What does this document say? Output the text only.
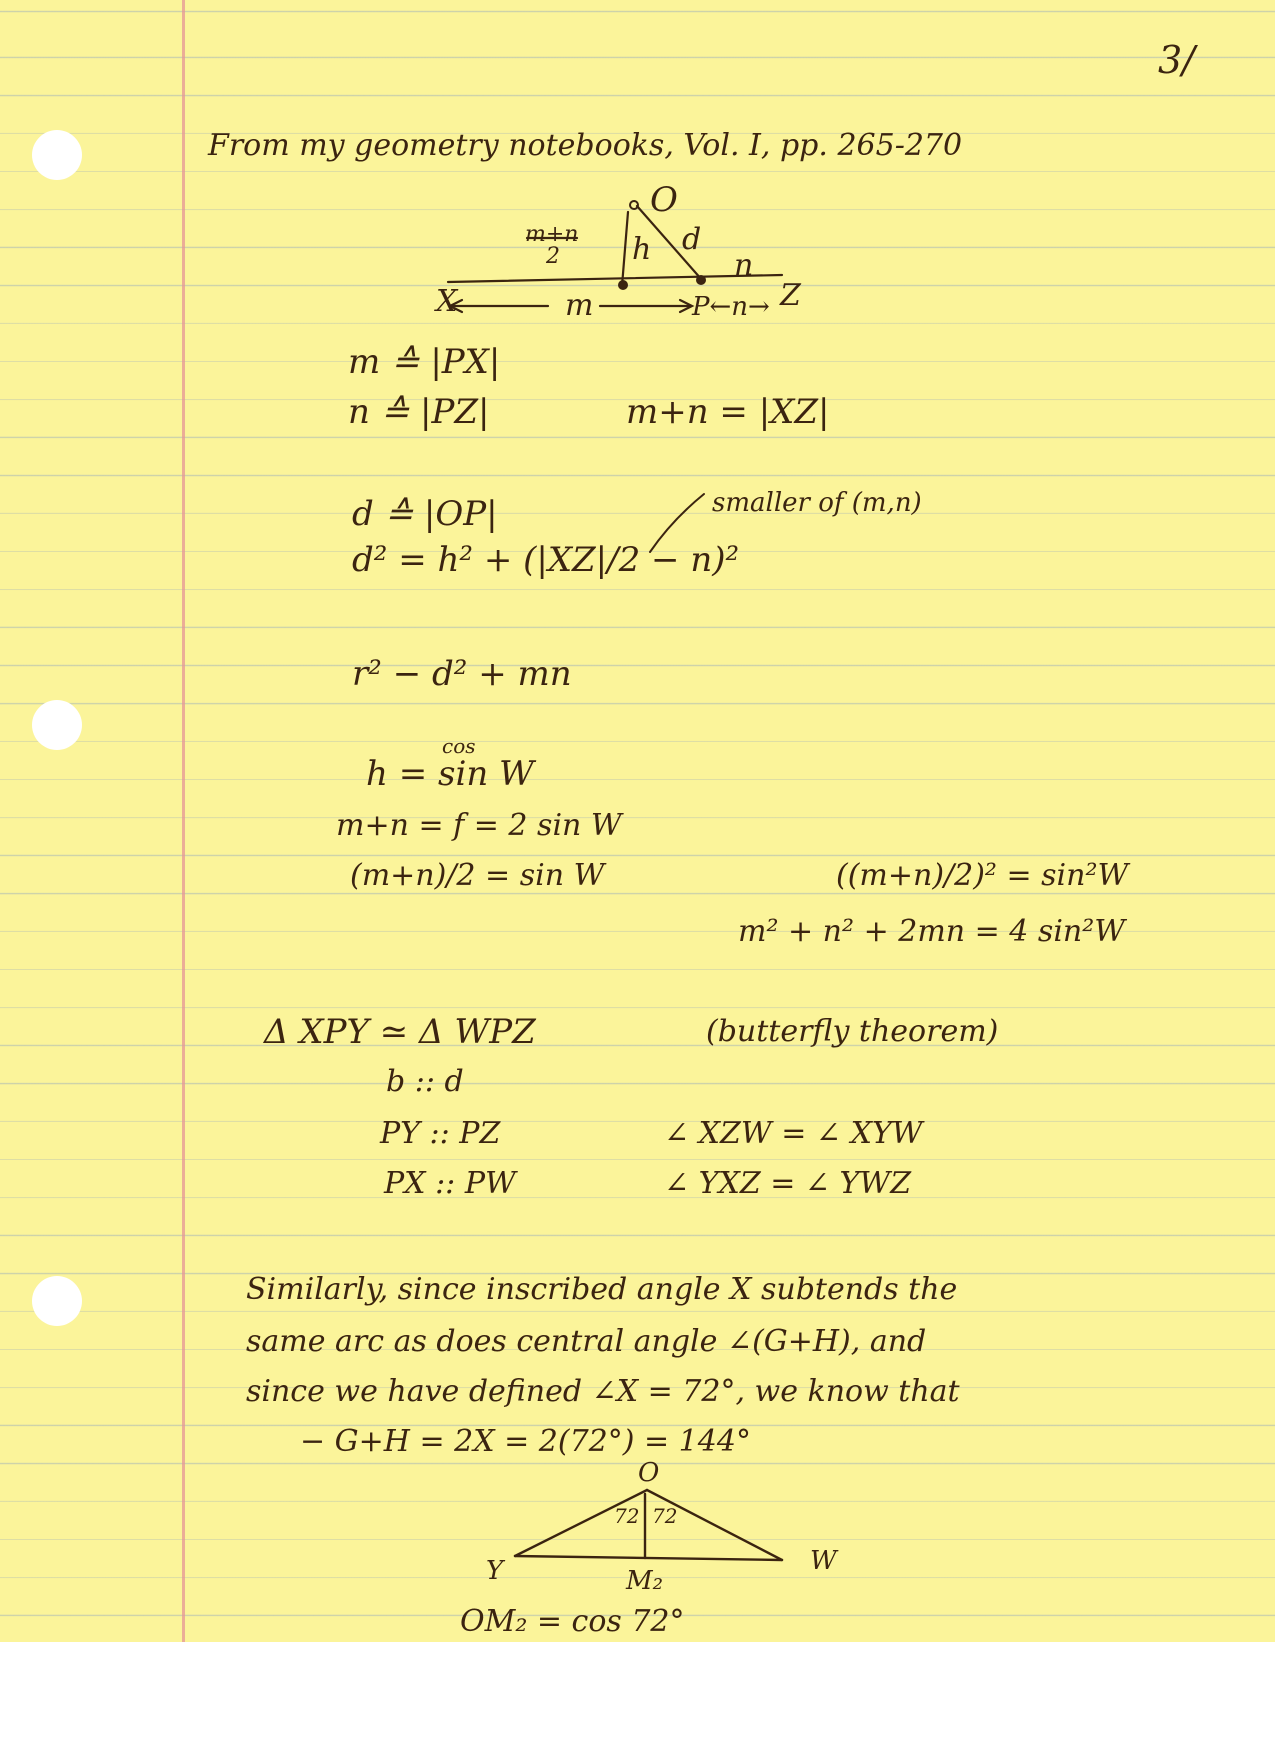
3/
From my geometry notebooks, Vol. I, pp. 265-270
O
m+n
2 h d
n
X	m	P←n→ Z
m ≙ |PX|
n ≙ |PZ|	m+n = |XZ|
d ≙ |OP|
d² = h² + (|XZ|/2 − n)²
smaller of (m,n)
r² − d² + mn
h = sin W
cos
m+n = f = 2 sin W
(m+n)/2 = sin W	((m+n)/2)² = sin²W
m² + n² + 2mn = 4 sin²W
Δ XPY ≃ Δ WPZ	(butterfly theorem)
b :: d
PY :: PZ
PX :: PW
∠ XZW = ∠ XYW
∠ YXZ = ∠ YWZ
Similarly, since inscribed angle X subtends the
same arc as does central angle ∠(G+H), and
since we have defined ∠X = 72°, we know that
− G+H = 2X = 2(72°) = 144°
O
72 72
Y	W
M₂
OM₂ = cos 72°
